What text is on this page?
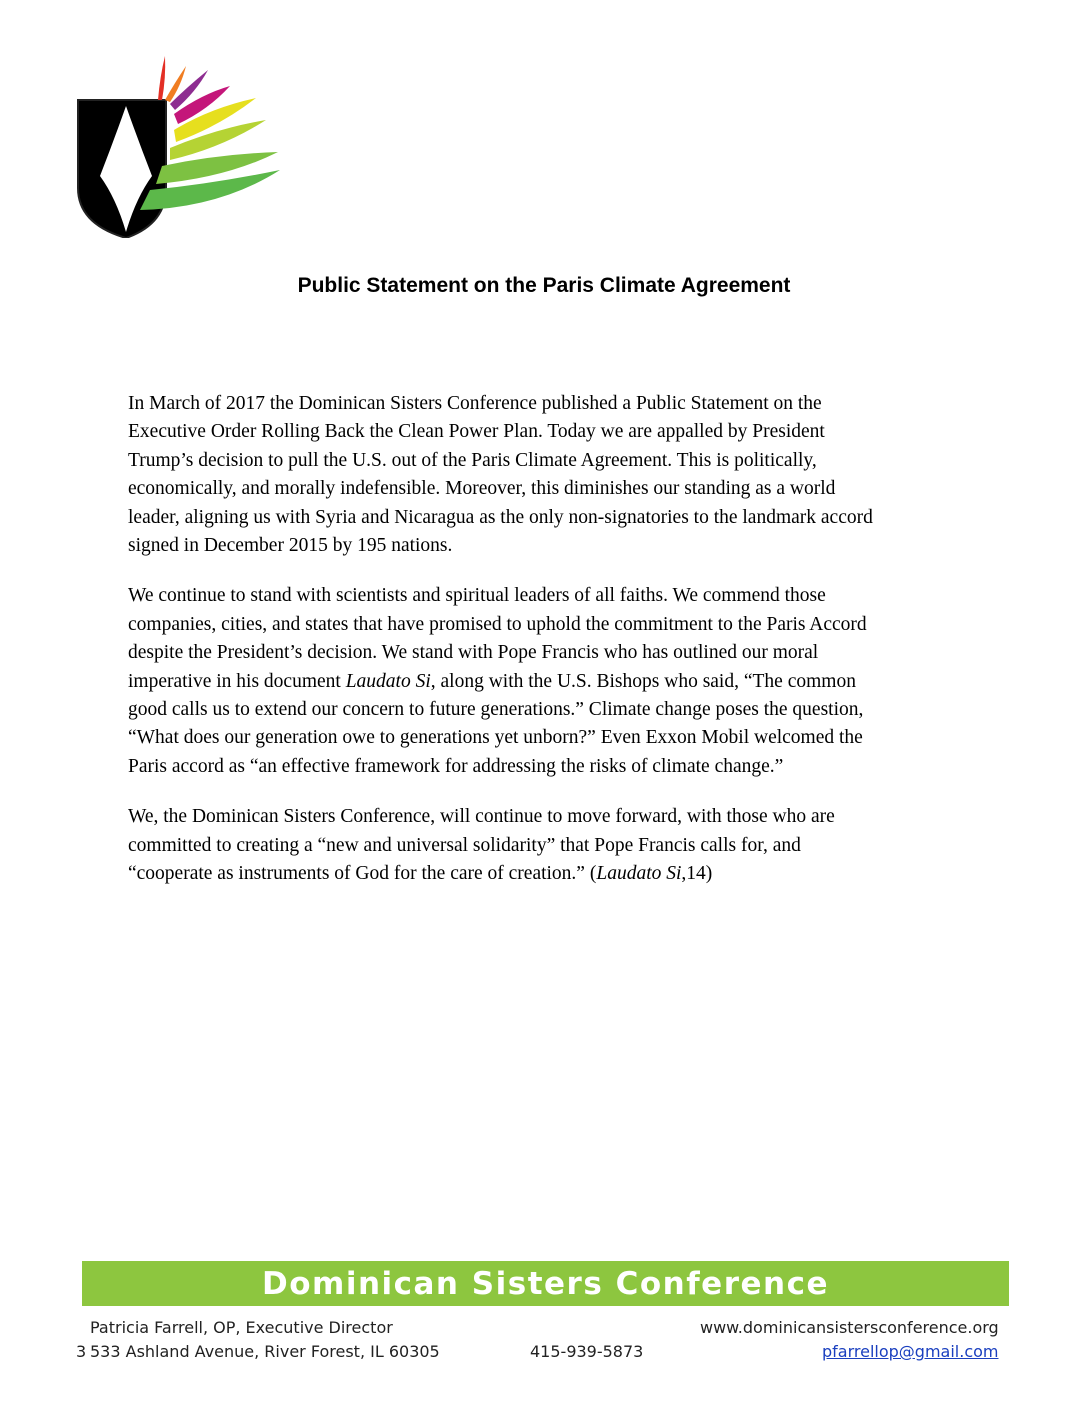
Public Statement on the Paris Climate Agreement

In March of 2017 the Dominican Sisters Conference published a Public Statement on the
Executive Order Rolling Back the Clean Power Plan. Today we are appalled by President
Trump’s decision to pull the U.S. out of the Paris Climate Agreement. This is politically,
economically, and morally indefensible. Moreover, this diminishes our standing as a world
leader, aligning us with Syria and Nicaragua as the only non-signatories to the landmark accord
signed in December 2015 by 195 nations.

We continue to stand with scientists and spiritual leaders of all faiths. We commend those
companies, cities, and states that have promised to uphold the commitment to the Paris Accord
despite the President’s decision. We stand with Pope Francis who has outlined our moral
imperative in his document Laudato Si, along with the U.S. Bishops who said, “The common
good calls us to extend our concern to future generations.” Climate change poses the question,
“What does our generation owe to generations yet unborn?” Even Exxon Mobil welcomed the
Paris accord as “an effective framework for addressing the risks of climate change.”

We, the Dominican Sisters Conference, will continue to move forward, with those who are
committed to creating a “new and universal solidarity” that Pope Francis calls for, and
“cooperate as instruments of God for the care of creation.” (Laudato Si,14)

Dominican Sisters Conference
Patricia Farrell, OP, Executive Director	www.dominicansistersconference.org
3 533 Ashland Avenue, River Forest, IL 60305	415-939-5873	pfarrellop@gmail.com
